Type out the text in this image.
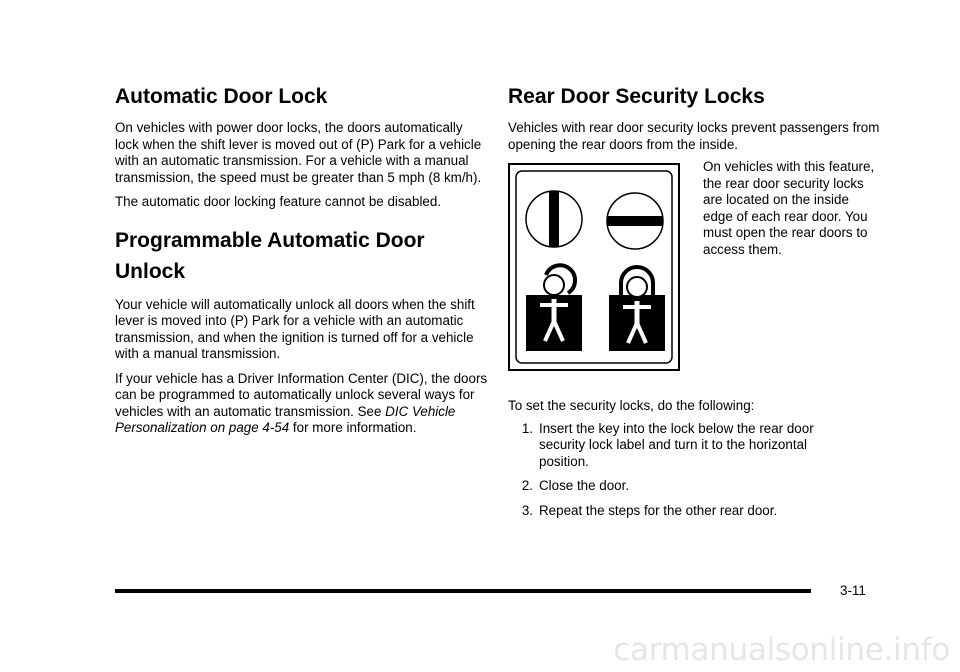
Automatic Door Lock

On vehicles with power door locks, the doors automatically lock when the shift lever is moved out of (P) Park for a vehicle with an automatic transmission. For a vehicle with a manual transmission, the speed must be greater than 5 mph (8 km/h).

The automatic door locking feature cannot be disabled.

Programmable Automatic Door Unlock

Your vehicle will automatically unlock all doors when the shift lever is moved into (P) Park for a vehicle with an automatic transmission, and when the ignition is turned off for a vehicle with a manual transmission.

If your vehicle has a Driver Information Center (DIC), the doors can be programmed to automatically unlock several ways for vehicles with an automatic transmission. See DIC Vehicle Personalization on page 4-54 for more information.

Rear Door Security Locks

Vehicles with rear door security locks prevent passengers from opening the rear doors from the inside.

On vehicles with this feature, the rear door security locks are located on the inside edge of each rear door. You must open the rear doors to access them.

To set the security locks, do the following:

1. Insert the key into the lock below the rear door security lock label and turn it to the horizontal position.
2. Close the door.
3. Repeat the steps for the other rear door.
3-11
carmanualsonline.info
